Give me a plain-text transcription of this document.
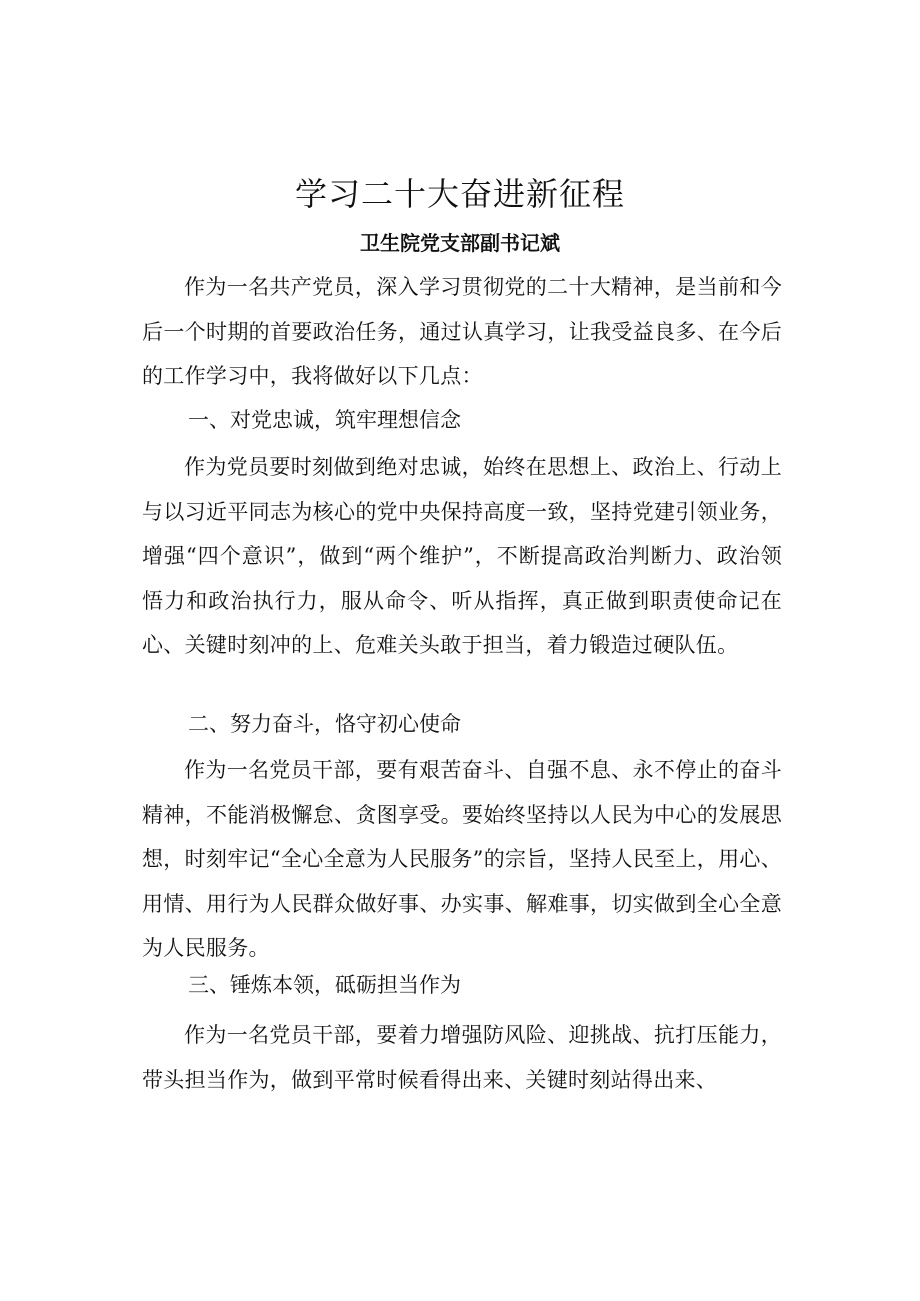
学习二十大奋进新征程
卫生院党支部副书记斌

作为一名共产党员，深入学习贯彻党的二十大精神，是当前和今后一个时期的首要政治任务，通过认真学习，让我受益良多、在今后的工作学习中，我将做好以下几点：

一、对党忠诚，筑牢理想信念

作为党员要时刻做到绝对忠诚，始终在思想上、政治上、行动上与以习近平同志为核心的党中央保持高度一致，坚持党建引领业务，增强“四个意识”，做到“两个维护”，不断提高政治判断力、政治领悟力和政治执行力，服从命令、听从指挥，真正做到职责使命记在心、关键时刻冲的上、危难关头敢于担当，着力锻造过硬队伍。

二、努力奋斗，恪守初心使命

作为一名党员干部，要有艰苦奋斗、自强不息、永不停止的奋斗精神，不能消极懈怠、贪图享受。要始终坚持以人民为中心的发展思想，时刻牢记“全心全意为人民服务”的宗旨，坚持人民至上，用心、用情、用行为人民群众做好事、办实事、解难事，切实做到全心全意为人民服务。

三、锤炼本领，砥砺担当作为

作为一名党员干部，要着力增强防风险、迎挑战、抗打压能力，带头担当作为，做到平常时候看得出来、关键时刻站得出来、
